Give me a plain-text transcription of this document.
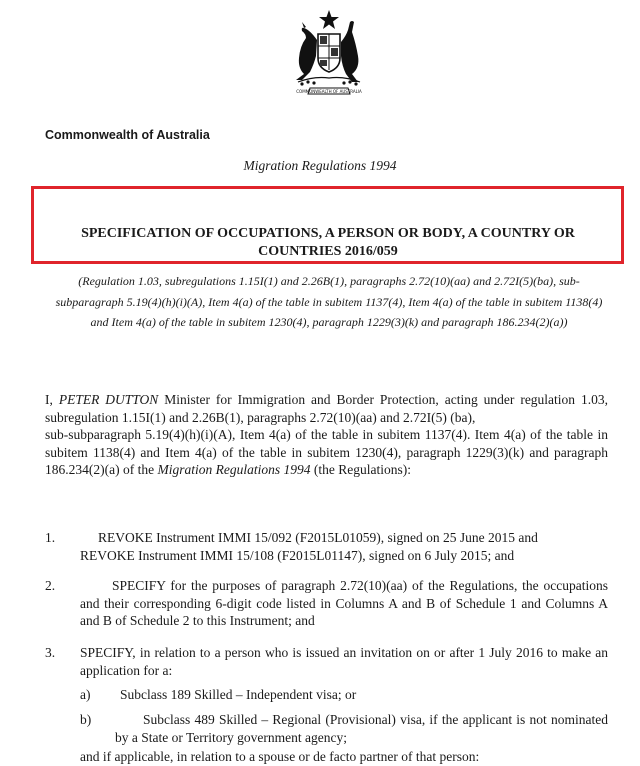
COMMONWEALTH OF AUSTRALIA
Commonwealth of Australia
Migration Regulations 1994
SPECIFICATION OF OCCUPATIONS, A PERSON OR BODY, A COUNTRY OR
COUNTRIES 2016/059
(Regulation 1.03, subregulations 1.15I(1) and 2.26B(1), paragraphs 2.72(10)(aa) and 2.72I(5)(ba), sub-subparagraph 5.19(4)(h)(i)(A), Item 4(a) of the table in subitem 1137(4), Item 4(a) of the table in subitem 1138(4) and Item 4(a) of the table in subitem 1230(4), paragraph 1229(3)(k) and paragraph 186.234(2)(a))
I, PETER DUTTON Minister for Immigration and Border Protection, acting under regulation 1.03, subregulation 1.15I(1) and 2.26B(1), paragraphs 2.72(10)(aa) and 2.72I(5) (ba),
sub-subparagraph 5.19(4)(h)(i)(A), Item 4(a) of the table in subitem 1137(4). Item 4(a) of the table in subitem 1138(4) and Item 4(a) of the table in subitem 1230(4), paragraph 1229(3)(k) and paragraph 186.234(2)(a) of the Migration Regulations 1994 (the Regulations):
1.	REVOKE Instrument IMMI 15/092 (F2015L01059), signed on 25 June 2015 and
REVOKE Instrument IMMI 15/108 (F2015L01147), signed on 6 July 2015; and
2.	SPECIFY for the purposes of paragraph 2.72(10)(aa) of the Regulations, the occupations and their corresponding 6-digit code listed in Columns A and B of Schedule 1 and Columns A and B of Schedule 2 to this Instrument; and
3. SPECIFY, in relation to a person who is issued an invitation on or after 1 July 2016 to make an application for a:
a) Subclass 189 Skilled – Independent visa; or
b)	Subclass 489 Skilled – Regional (Provisional) visa, if the applicant is not nominated by a State or Territory government agency;
and if applicable, in relation to a spouse or de facto partner of that person:
